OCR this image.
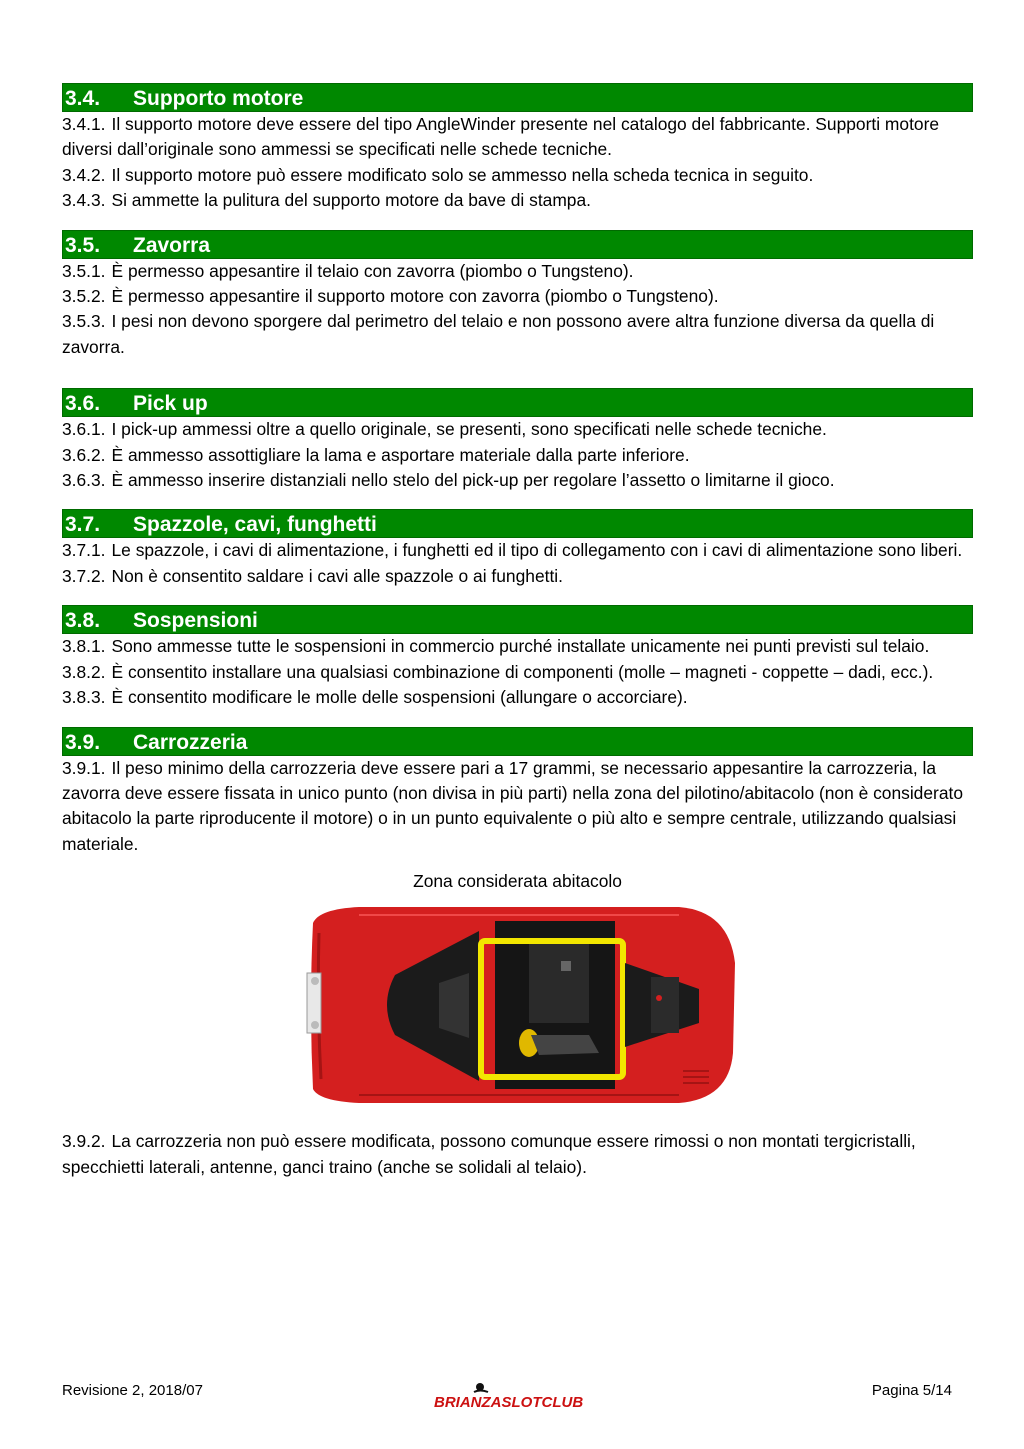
3.4.	Supporto motore

3.4.1. Il supporto motore deve essere del tipo AngleWinder presente nel catalogo del fabbricante. Supporti motore diversi dall’originale sono ammessi se specificati nelle schede tecniche.

3.4.2. Il supporto motore può essere modificato solo se ammesso nella scheda tecnica in seguito.

3.4.3. Si ammette la pulitura del supporto motore da bave di stampa.

3.5.	Zavorra

3.5.1. È permesso appesantire il telaio con zavorra (piombo o Tungsteno).

3.5.2. È permesso appesantire il supporto motore con zavorra (piombo o Tungsteno).

3.5.3. I pesi non devono sporgere dal perimetro del telaio e non possono avere altra funzione diversa da quella di zavorra.

3.6.	Pick up

3.6.1. I pick-up ammessi oltre a quello originale, se presenti, sono specificati nelle schede tecniche.

3.6.2. È ammesso assottigliare la lama e asportare materiale dalla parte inferiore.

3.6.3. È ammesso inserire distanziali nello stelo del pick-up per regolare l’assetto o limitarne il gioco.

3.7.	Spazzole, cavi, funghetti

3.7.1. Le spazzole, i cavi di alimentazione, i funghetti ed il tipo di collegamento con i cavi di alimentazione sono liberi.

3.7.2. Non è consentito saldare i cavi alle spazzole o ai funghetti.

3.8.	Sospensioni

3.8.1. Sono ammesse tutte le sospensioni in commercio purché installate unicamente nei punti previsti sul telaio.

3.8.2. È consentito installare una qualsiasi combinazione di componenti (molle – magneti - coppette – dadi, ecc.).

3.8.3. È consentito modificare le molle delle sospensioni (allungare o accorciare).

3.9.	Carrozzeria

3.9.1. Il peso minimo della carrozzeria deve essere pari a 17 grammi, se necessario appesantire la carrozzeria, la zavorra deve essere fissata in unico punto (non divisa in più parti) nella zona del pilotino/abitacolo (non è considerato abitacolo la parte riproducente il motore) o in un punto equivalente o più alto e sempre centrale, utilizzando qualsiasi materiale.

Zona considerata abitacolo

3.9.2. La carrozzeria non può essere modificata, possono comunque essere rimossi o non montati tergicristalli, specchietti laterali, antenne, ganci traino (anche se solidali al telaio).

Revisione 2, 2018/07
BRIANZASLOTCLUB
Pagina 5/14
